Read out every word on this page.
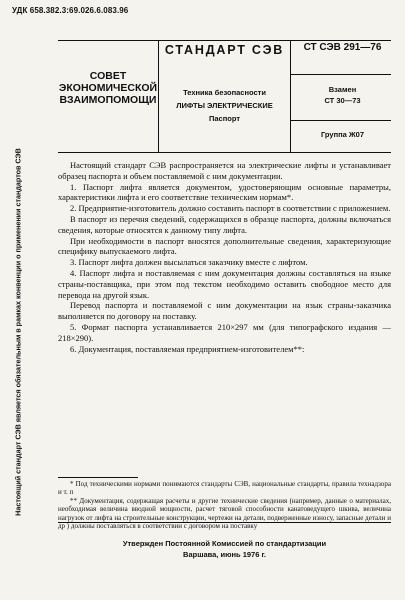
УДК 658.382.3:69.026.6.083.96
Настоящий стандарт СЭВ является обязательным в рамках конвенции о применении стандартов СЭВ
СОВЕТ
ЭКОНОМИЧЕСКОЙ
ВЗАИМОПОМОЩИ
СТАНДАРТ СЭВ
Техника безопасности
ЛИФТЫ ЭЛЕКТРИЧЕСКИЕ
Паспорт
СТ СЭВ 291—76
Взамен
СТ 30—73
Группа Ж07

Настоящий стандарт СЭВ распространяется на электрические лифты и устанавливает образец паспорта и объем поставляемой с ним документации.

1. Паспорт лифта является документом, удостоверяющим основные параметры, характеристики лифта и его соответствие техническим нормам*.

2. Предприятие-изготовитель должно составить паспорт в соответствии с приложением.

В паспорт из перечня сведений, содержащихся в образце паспорта, должны включаться сведения, которые относятся к данному типу лифта.

При необходимости в паспорт вносятся дополнительные сведения, характеризующие специфику выпускаемого лифта.

3. Паспорт лифта должен высылаться заказчику вместе с лифтом.

4. Паспорт лифта и поставляемая с ним документация должны составляться на языке страны-поставщика, при этом под текстом необходимо оставить свободное место для перевода на другой язык.

Перевод паспорта и поставляемой с ним документации на язык страны-заказчика выполняется по договору на поставку.

5. Формат паспорта устанавливается 210×297 мм (для типографского издания — 218×290).

6. Документация, поставляемая предприятием-изготовителем**:

* Под техническими нормами понимаются стандарты СЭВ, национальные стандарты, правила технадзора и т. п

** Документация, содержащая расчеты и другие технические сведения (например, данные о материалах, необходимая величина вводной мощности, расчет тяговой способности канатоведущего шкива, величина нагрузок от лифта на строительные конструкции, чертежи на детали, подверженные износу, запасные детали и др ) должны поставляться в соответствии с договором на поставку

Утвержден Постоянной Комиссией по стандартизации
Варшава, июнь 1976 г.
